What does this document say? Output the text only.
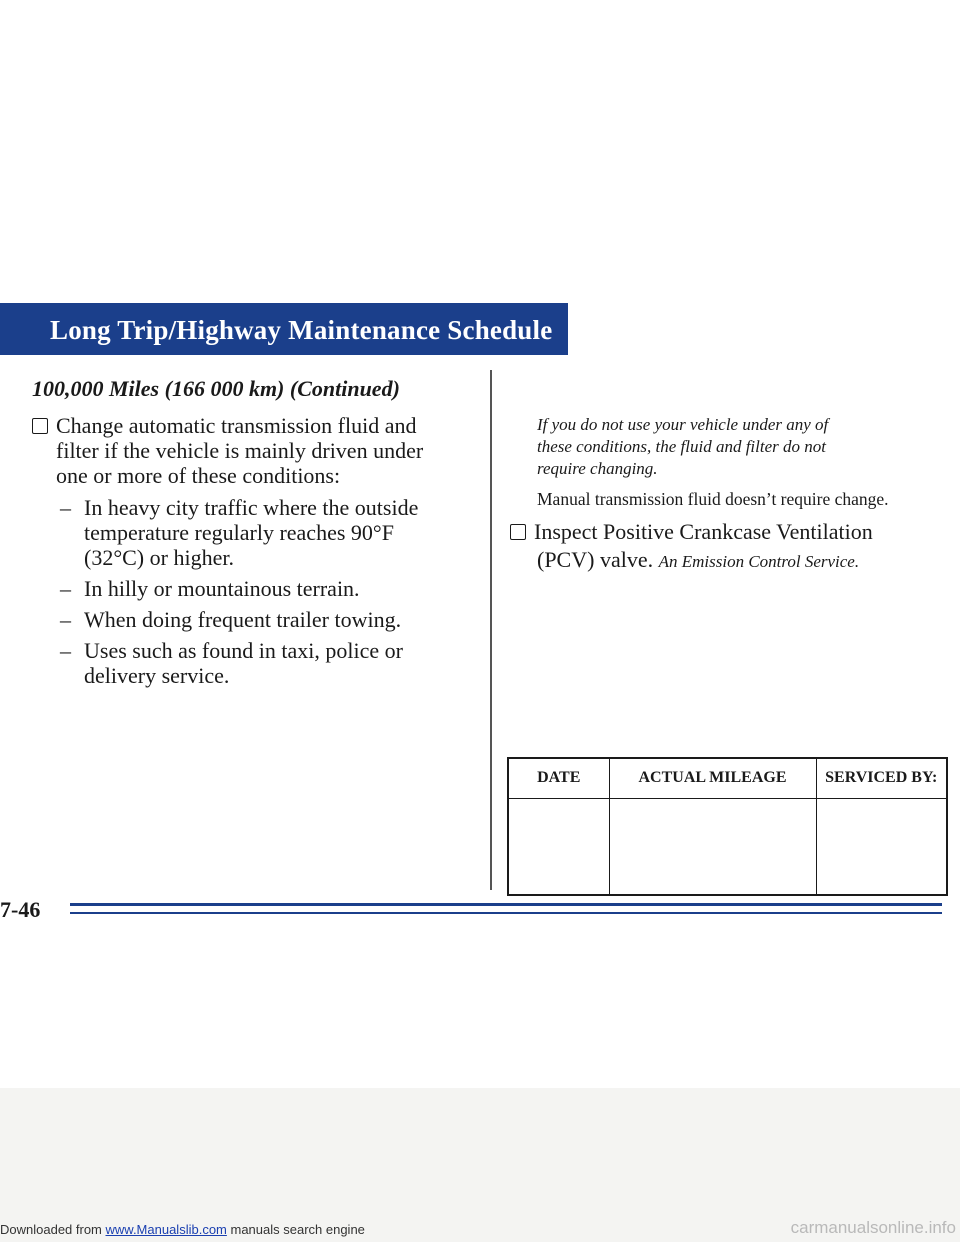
Long Trip/Highway Maintenance Schedule
100,000 Miles (166 000 km) (Continued)
Change automatic transmission fluid and
filter if the vehicle is mainly driven under
one or more of these conditions:
– In heavy city traffic where the outside
temperature regularly reaches 90°F
(32°C) or higher.
– In hilly or mountainous terrain.
– When doing frequent trailer towing.
– Uses such as found in taxi, police or
delivery service.
If you do not use your vehicle under any of
these conditions, the fluid and filter do not
require changing.
Manual transmission fluid doesn’t require change.
Inspect Positive Crankcase Ventilation
(PCV) valve. An Emission Control Service.
DATE	ACTUAL MILEAGE	SERVICED BY:

7-46
Downloaded from www.Manualslib.com manuals search engine	carmanualsonline.info
